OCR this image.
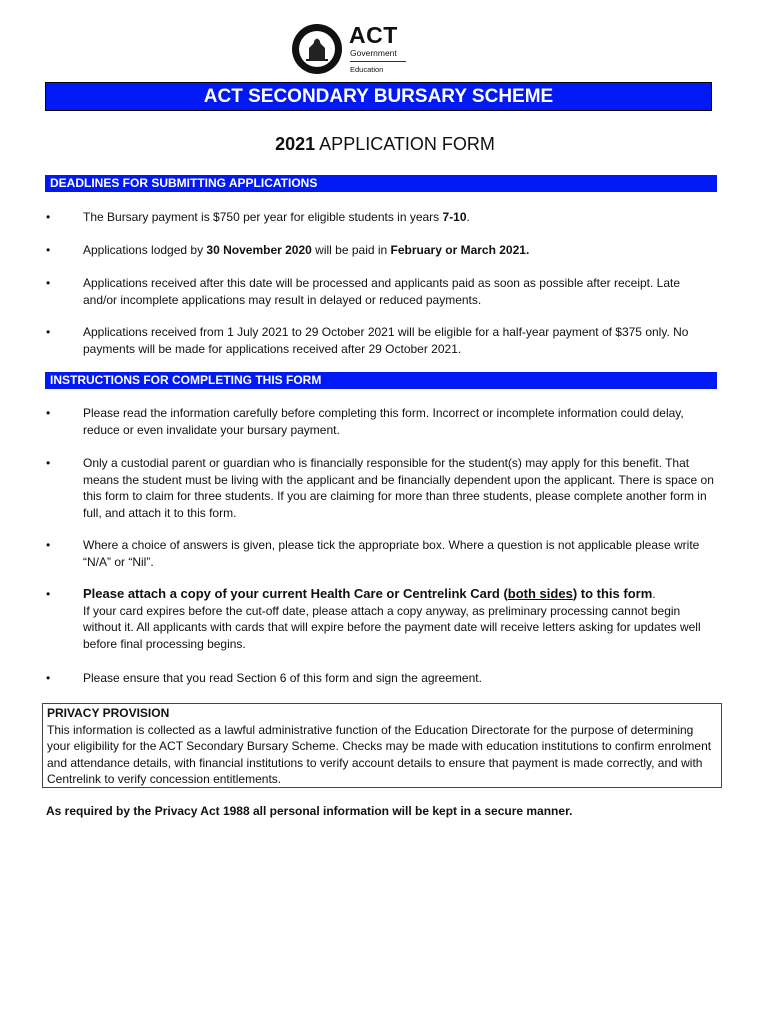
ACT
Government
Education
ACT SECONDARY BURSARY SCHEME
2021 APPLICATION FORM
DEADLINES FOR SUBMITTING APPLICATIONS
•	The Bursary payment is $750 per year for eligible students in years 7-10.
•	Applications lodged by 30 November 2020 will be paid in February or March 2021.
•	Applications received after this date will be processed and applicants paid as soon as possible after receipt. Late and/or incomplete applications may result in delayed or reduced payments.
•	Applications received from 1 July 2021 to 29 October 2021 will be eligible for a half-year payment of $375 only. No payments will be made for applications received after 29 October 2021.
INSTRUCTIONS FOR COMPLETING THIS FORM
•	Please read the information carefully before completing this form. Incorrect or incomplete information could delay, reduce or even invalidate your bursary payment.
•	Only a custodial parent or guardian who is financially responsible for the student(s) may apply for this benefit. That means the student must be living with the applicant and be financially dependent upon the applicant. There is space on this form to claim for three students. If you are claiming for more than three students, please complete another form in full, and attach it to this form.
•	Where a choice of answers is given, please tick the appropriate box. Where a question is not applicable please write “N/A” or “Nil”.
•	Please attach a copy of your current Health Care or Centrelink Card (both sides) to this form.
If your card expires before the cut-off date, please attach a copy anyway, as preliminary processing cannot begin without it. All applicants with cards that will expire before the payment date will receive letters asking for updates well before final processing begins.
•	Please ensure that you read Section 6 of this form and sign the agreement.
PRIVACY PROVISION
This information is collected as a lawful administrative function of the Education Directorate for the purpose of determining your eligibility for the ACT Secondary Bursary Scheme. Checks may be made with education institutions to confirm enrolment and attendance details, with financial institutions to verify account details to ensure that payment is made correctly, and with Centrelink to verify concession entitlements.
As required by the Privacy Act 1988 all personal information will be kept in a secure manner.
